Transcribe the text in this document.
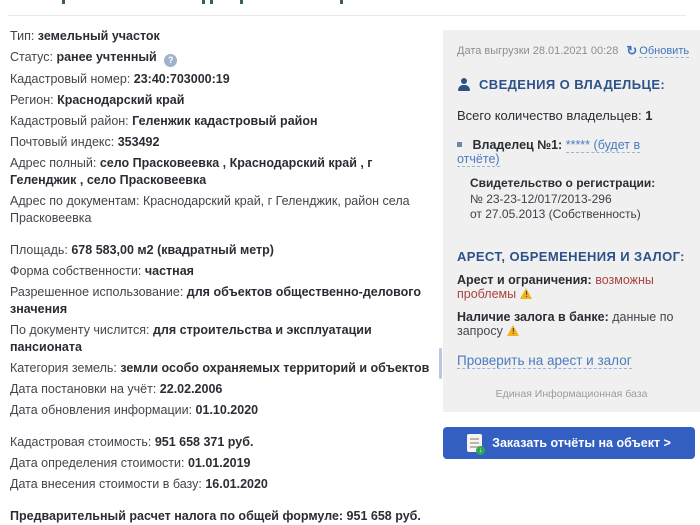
Тип: земельный участок
Статус: ранее учтенный ?
Кадастровый номер: 23:40:703000:19
Регион: Краснодарский край
Кадастровый район: Геленжик кадастровый район
Почтовый индекс: 353492
Адрес полный: село Прасковеевка , Краснодарский край , г Геленджик , село Прасковеевка
Адрес по документам: Краснодарский край, г Геленджик, район села Прасковеевка
Площадь: 678 583,00 м2 (квадратный метр)
Форма собственности: частная
Разрешенное использование: для объектов общественно-делового значения
По документу числится: для строительства и эксплуатации пансионата
Категория земель: земли особо охраняемых территорий и объектов
Дата постановки на учёт: 22.02.2006
Дата обновления информации: 01.10.2020
Кадастровая стоимость: 951 658 371 руб.
Дата определения стоимости: 01.01.2019
Дата внесения стоимости в базу: 16.01.2020
Предварительный расчет налога по общей формуле: 951 658 руб.
Дата выгрузки 28.01.2021 00:28 ↻ Обновить
СВЕДЕНИЯ О ВЛАДЕЛЬЦЕ:
Всего количество владельцев: 1
Владелец №1: ***** (будет в отчёте)
Свидетельство о регистрации:
№ 23-23-12/017/2013-296
от 27.05.2013 (Собственность)
АРЕСТ, ОБРЕМЕНЕНИЯ И ЗАЛОГ:
Арест и ограничения: возможны проблемы!
Наличие залога в банке: данные по запросу!
Проверить на арест и залог
Единая Информационная база
↓
Заказать отчёты на объект >
